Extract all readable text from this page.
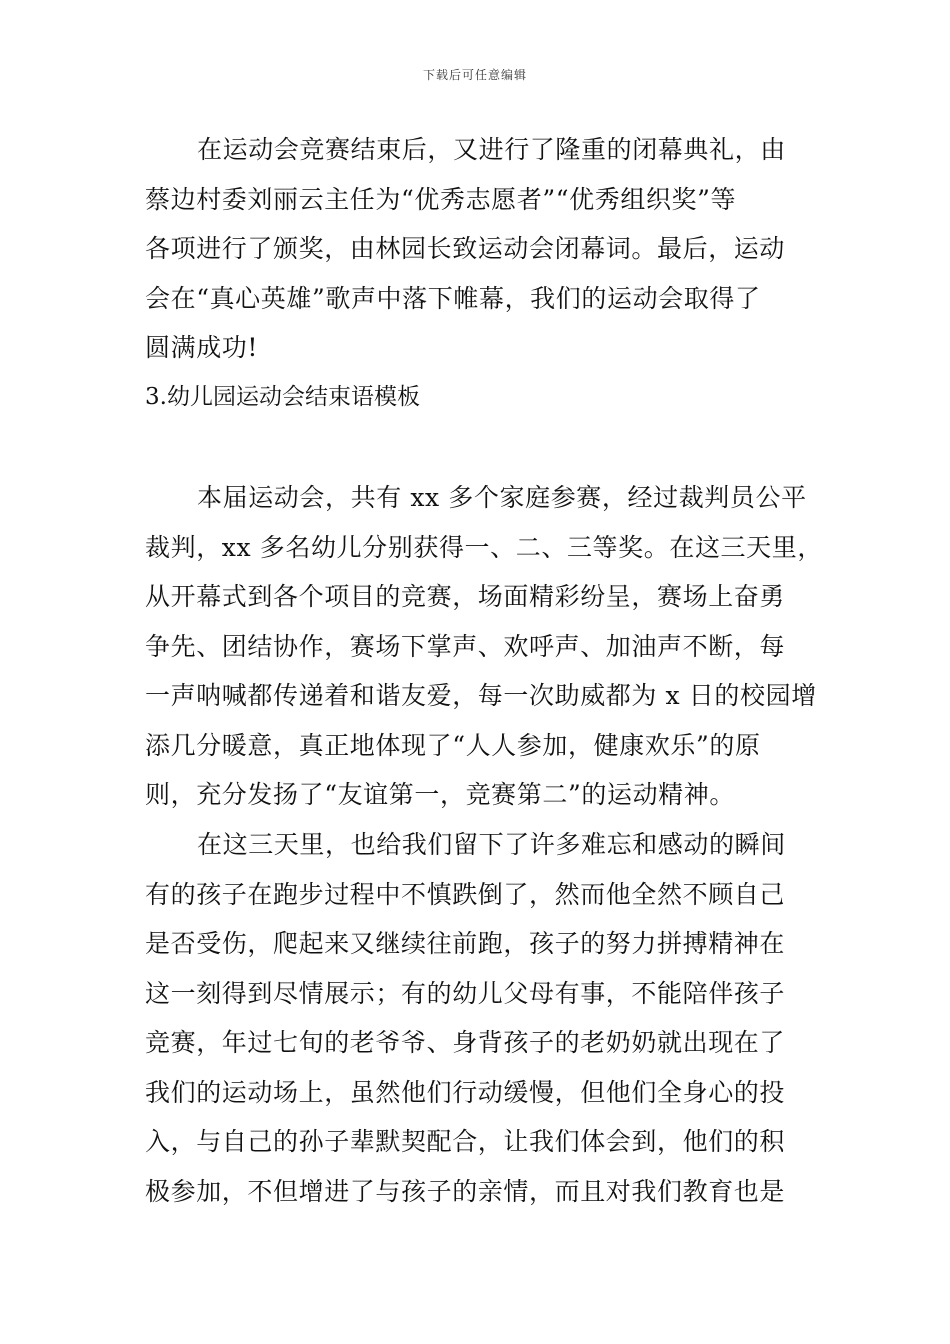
下载后可任意编辑
在运动会竞赛结束后，又进行了隆重的闭幕典礼，由
蔡边村委刘丽云主任为“优秀志愿者”“优秀组织奖”等
各项进行了颁奖，由林园长致运动会闭幕词。最后，运动
会在“真心英雄”歌声中落下帷幕，我们的运动会取得了
圆满成功!
3.幼儿园运动会结束语模板
本届运动会，共有 xx 多个家庭参赛，经过裁判员公平
裁判，xx 多名幼儿分别获得一、二、三等奖。在这三天里，
从开幕式到各个项目的竞赛，场面精彩纷呈，赛场上奋勇
争先、团结协作，赛场下掌声、欢呼声、加油声不断，每
一声呐喊都传递着和谐友爱，每一次助威都为 x 日的校园增
添几分暖意，真正地体现了“人人参加，健康欢乐”的原
则，充分发扬了“友谊第一，竞赛第二”的运动精神。
在这三天里，也给我们留下了许多难忘和感动的瞬间
有的孩子在跑步过程中不慎跌倒了，然而他全然不顾自己
是否受伤，爬起来又继续往前跑，孩子的努力拼搏精神在
这一刻得到尽情展示；有的幼儿父母有事，不能陪伴孩子
竞赛，年过七旬的老爷爷、身背孩子的老奶奶就出现在了
我们的运动场上，虽然他们行动缓慢，但他们全身心的投
入，与自己的孙子辈默契配合，让我们体会到，他们的积
极参加，不但增进了与孩子的亲情，而且对我们教育也是
